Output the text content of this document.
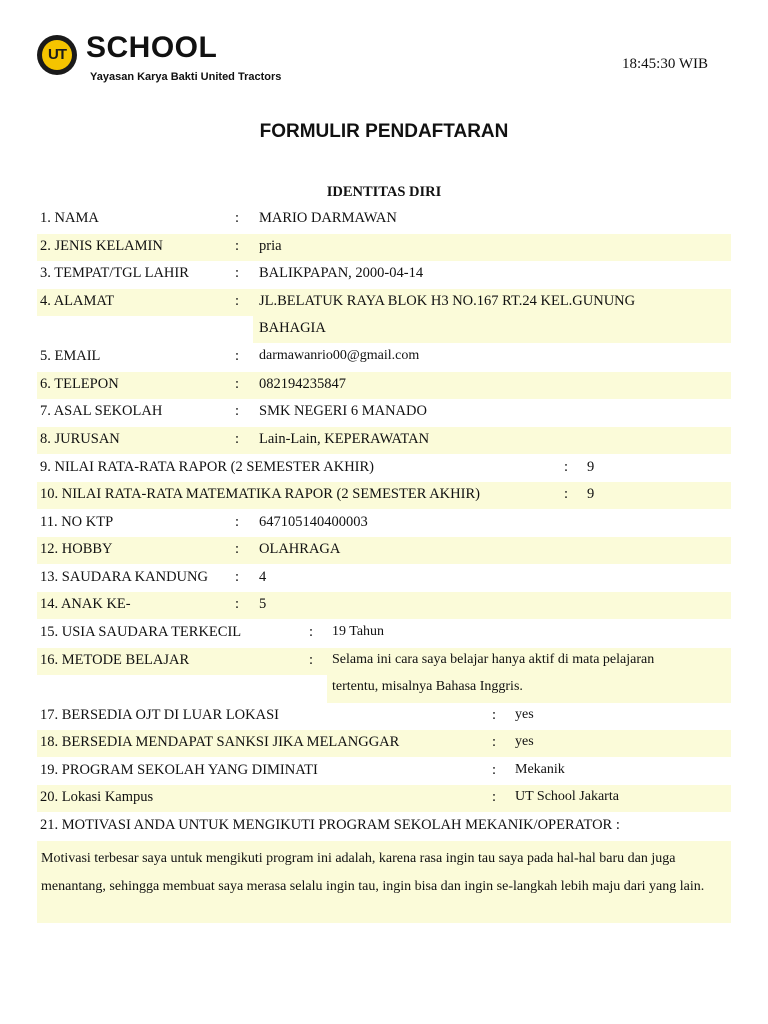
UT SCHOOL
Yayasan Karya Bakti United Tractors
18:45:30 WIB
FORMULIR PENDAFTARAN
IDENTITAS DIRI
1. NAMA	: MARIO DARMAWAN
2. JENIS KELAMIN	: pria
3. TEMPAT/TGL LAHIR	: BALIKPAPAN, 2000-04-14
4. ALAMAT	: JL.BELATUK RAYA BLOK H3 NO.167 RT.24 KEL.GUNUNG
BAHAGIA
5. EMAIL	: darmawanrio00@gmail.com
6. TELEPON	: 082194235847
7. ASAL SEKOLAH	: SMK NEGERI 6 MANADO
8. JURUSAN	: Lain-Lain, KEPERAWATAN
9. NILAI RATA-RATA RAPOR (2 SEMESTER AKHIR)	: 9
10. NILAI RATA-RATA MATEMATIKA RAPOR (2 SEMESTER AKHIR)	: 9
11. NO KTP	: 647105140400003
12. HOBBY	: OLAHRAGA
13. SAUDARA KANDUNG : 4
14. ANAK KE-	: 5
15. USIA SAUDARA TERKECIL	: 19 Tahun
16. METODE BELAJAR	: Selama ini cara saya belajar hanya aktif di mata pelajaran
tertentu, misalnya Bahasa Inggris.
17. BERSEDIA OJT DI LUAR LOKASI	: yes
18. BERSEDIA MENDAPAT SANKSI JIKA MELANGGAR	: yes
19. PROGRAM SEKOLAH YANG DIMINATI	: Mekanik
20. Lokasi Kampus	: UT School Jakarta
21. MOTIVASI ANDA UNTUK MENGIKUTI PROGRAM SEKOLAH MEKANIK/OPERATOR :

Motivasi terbesar saya untuk mengikuti program ini adalah, karena rasa ingin tau saya pada hal-hal baru dan juga menantang, sehingga membuat saya merasa selalu ingin tau, ingin bisa dan ingin se-langkah lebih maju dari yang lain.
